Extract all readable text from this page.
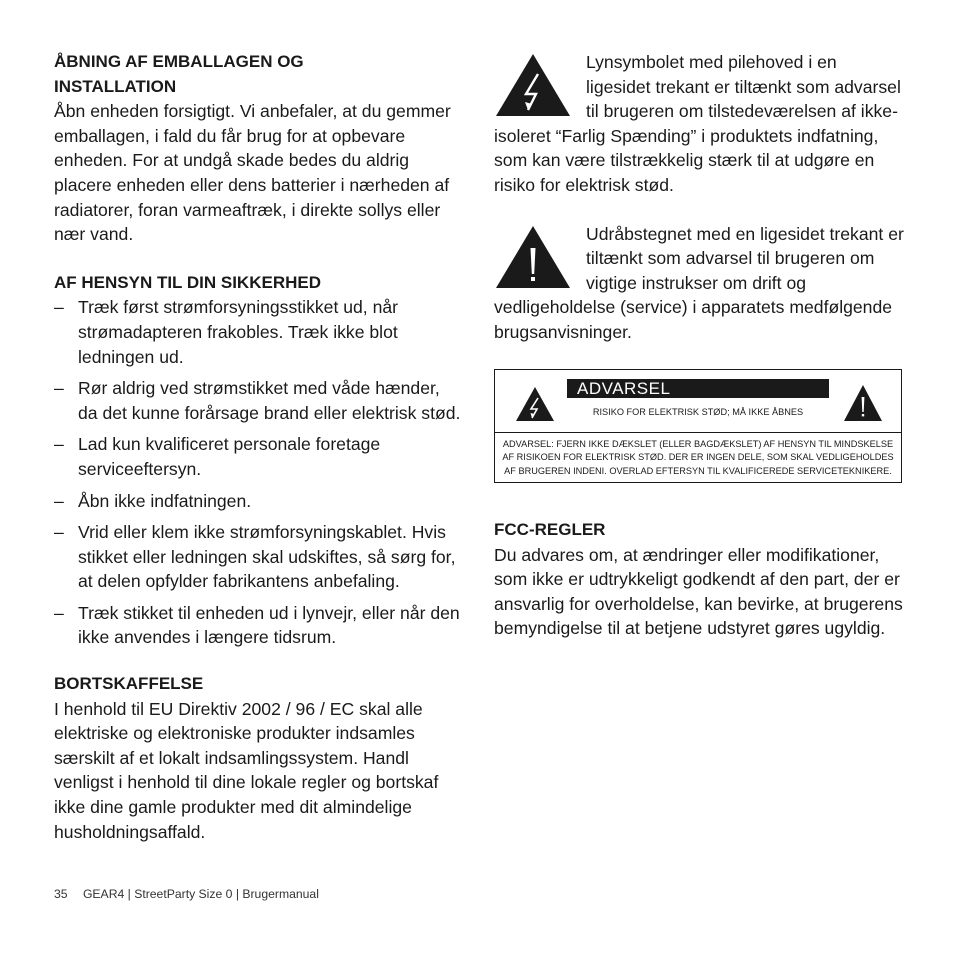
ÅBNING AF EMBALLAGEN OG
INSTALLATION

Åbn enheden forsigtigt. Vi anbefaler, at du gemmer emballagen, i fald du får brug for at opbevare enheden. For at undgå skade bedes du aldrig placere enheden eller dens batterier i nærheden af radiatorer, foran varmeaftræk, i direkte sollys eller nær vand.

AF HENSYN TIL DIN SIKKERHED
– Træk først strømforsyningsstikket ud, når strømadapteren frakobles. Træk ikke blot ledningen ud.
– Rør aldrig ved strømstikket med våde hænder, da det kunne forårsage brand eller elektrisk stød.
– Lad kun kvalificeret personale foretage serviceeftersyn.
– Åbn ikke indfatningen.
– Vrid eller klem ikke strømforsyningskablet. Hvis stikket eller ledningen skal udskiftes, så sørg for, at delen opfylder fabrikantens anbefaling.
– Træk stikket til enheden ud i lynvejr, eller når den ikke anvendes i længere tidsrum.
BORTSKAFFELSE

I henhold til EU Direktiv 2002 / 96 / EC skal alle elektriske og elektroniske produkter indsamles særskilt af et lokalt indsamlingssystem. Handl venligst i henhold til dine lokale regler og bortskaf ikke dine gamle produkter med dit almindelige husholdningsaffald.

Lynsymbolet med pilehoved i en ligesidet trekant er tiltænkt som advarsel til brugeren om tilstedeværelsen af ikke-isoleret “Farlig Spænding” i produktets indfatning, som kan være tilstrækkelig stærk til at udgøre en risiko for elektrisk stød.

Udråbstegnet med en ligesidet trekant er tiltænkt som advarsel til brugeren om vigtige instrukser om drift og vedligeholdelse (service) i apparatets medfølgende brugsanvisninger.

ADVARSEL
RISIKO FOR ELEKTRISK STØD; MÅ IKKE ÅBNES
ADVARSEL: FJERN IKKE DÆKSLET (ELLER BAGDÆKSLET) AF HENSYN TIL MINDSKELSE AF RISIKOEN FOR ELEKTRISK STØD. DER ER INGEN DELE, SOM SKAL VEDLIGEHOLDES AF BRUGEREN INDENI. OVERLAD EFTERSYN TIL KVALIFICEREDE SERVICETEKNIKERE.
FCC-REGLER

Du advares om, at ændringer eller modifikationer, som ikke er udtrykkeligt godkendt af den part, der er ansvarlig for overholdelse, kan bevirke, at brugerens bemyndigelse til at betjene udstyret gøres ugyldig.

35 GEAR4 | StreetParty Size 0 | Brugermanual
